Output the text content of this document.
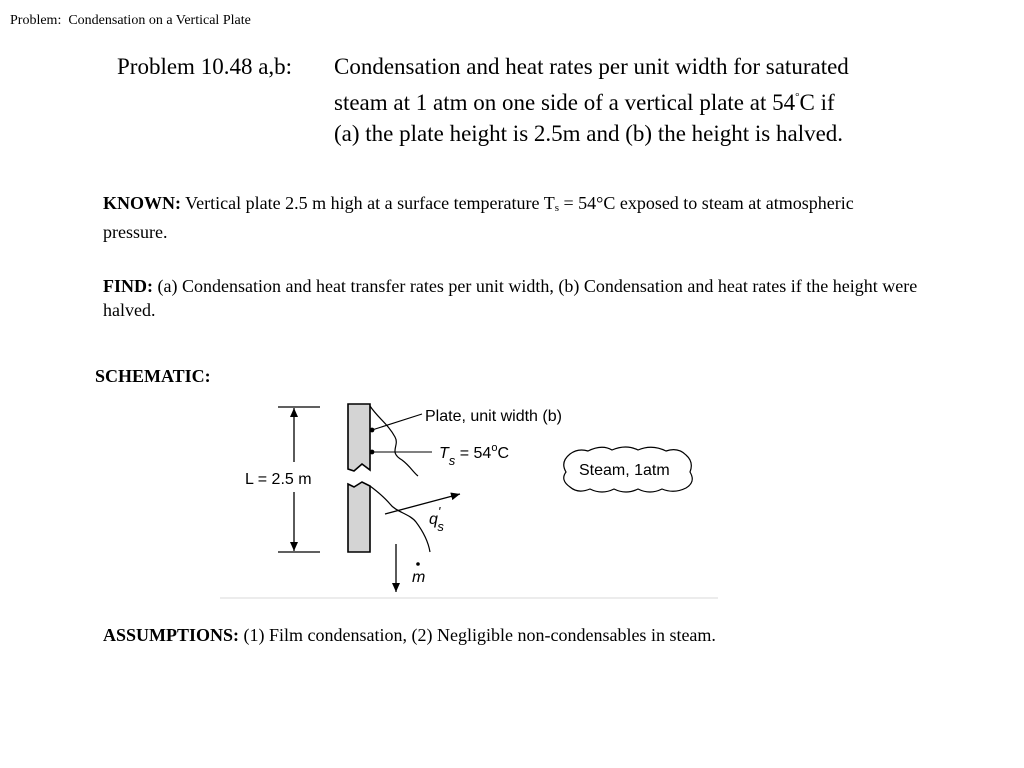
Problem:  Condensation on a Vertical Plate
Problem 10.48 a,b: Condensation and heat rates per unit width for saturated
steam at 1 atm on one side of a vertical plate at 54°C if
(a) the plate height is 2.5m and (b) the height is halved.
KNOWN: Vertical plate 2.5 m high at a surface temperature $T_s = 54^\circ C$ exposed to steam at atmospheric pressure.
FIND: (a) Condensation and heat transfer rates per unit width, (b) Condensation and heat rates if the height were halved.
SCHEMATIC:
L = 2.5 m
Plate, unit width (b)
$T_s = 54^oC$
q' s
m
Steam, 1atm
ASSUMPTIONS: (1) Film condensation, (2) Negligible non-condensables in steam.
